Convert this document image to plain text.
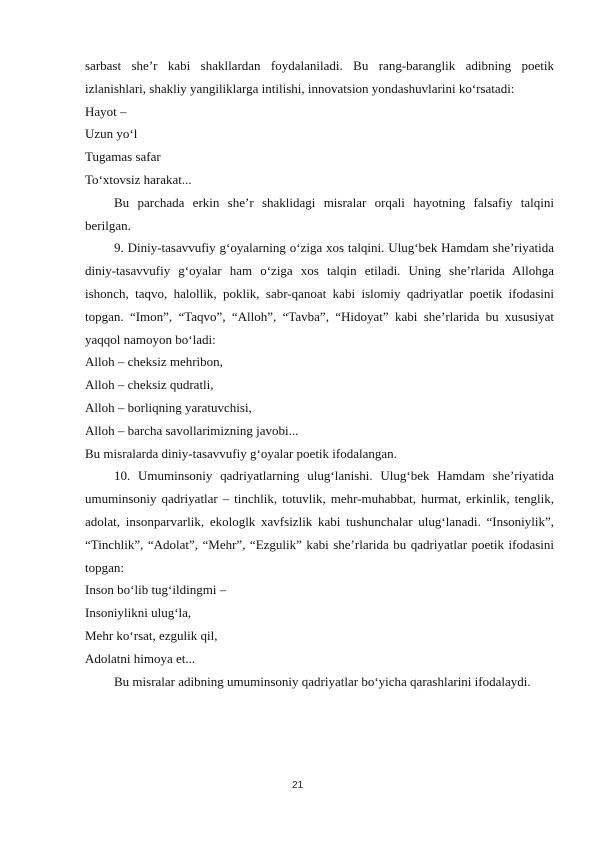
sarbast she’r kabi shakllardan foydalaniladi. Bu rang-baranglik adibning poetik izlanishlari, shakliy yangiliklarga intilishi, innovatsion yondashuvlarini ko‘rsatadi:

Hayot –

Uzun yo‘l

Tugamas safar

To‘xtovsiz harakat...

Bu parchada erkin she’r shaklidagi misralar orqali hayotning falsafiy talqini berilgan.

9. Diniy-tasavvufiy g‘oyalarning o‘ziga xos talqini. Ulug‘bek Hamdam she’riyatida diniy-tasavvufiy g‘oyalar ham o‘ziga xos talqin etiladi. Uning she’rlarida Allohga ishonch, taqvo, halollik, poklik, sabr-qanoat kabi islomiy qadriyatlar poetik ifodasini topgan. “Imon”, “Taqvo”, “Alloh”, “Tavba”, “Hidoyat” kabi she’rlarida bu xususiyat yaqqol namoyon bo‘ladi:

Alloh – cheksiz mehribon,

Alloh – cheksiz qudratli,

Alloh – borliqning yaratuvchisi,

Alloh – barcha savollarimizning javobi...

Bu misralarda diniy-tasavvufiy g‘oyalar poetik ifodalangan.

10. Umuminsoniy qadriyatlarning ulug‘lanishi. Ulug‘bek Hamdam she’riyatida umuminsoniy qadriyatlar – tinchlik, totuvlik, mehr-muhabbat, hurmat, erkinlik, tenglik, adolat, insonparvarlik, ekologlk xavfsizlik kabi tushunchalar ulug‘lanadi. “Insoniylik”, “Tinchlik”, “Adolat”, “Mehr”, “Ezgulik” kabi she’rlarida bu qadriyatlar poetik ifodasini topgan:

Inson bo‘lib tug‘ildingmi –

Insoniylikni ulug‘la,

Mehr ko‘rsat, ezgulik qil,

Adolatni himoya et...

Bu misralar adibning umuminsoniy qadriyatlar bo‘yicha qarashlarini ifodalaydi.

21
